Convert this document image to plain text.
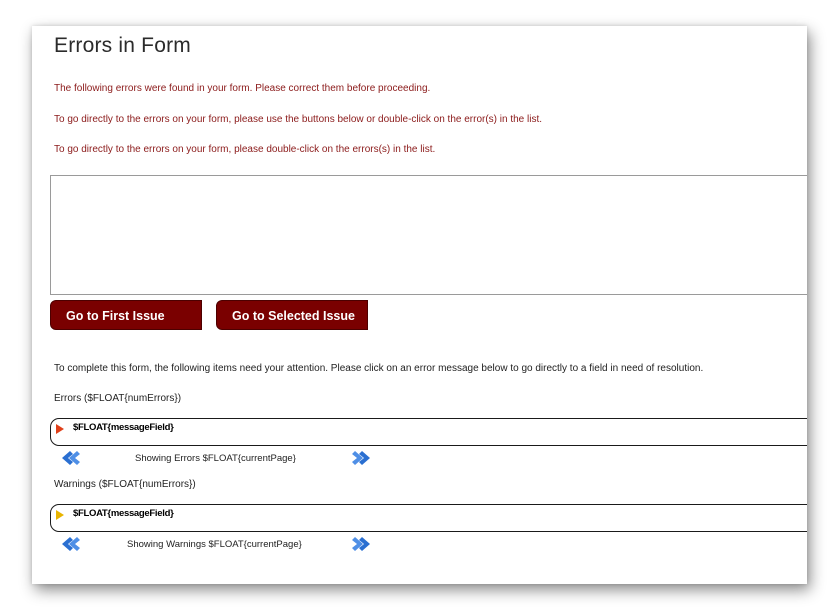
Errors in Form
The following errors were found in your form. Please correct them before proceeding.
To go directly to the errors on your form, please use the buttons below or double-click on the error(s) in the list.
To go directly to the errors on your form, please double-click on the errors(s) in the list.
Go to First Issue	Go to Selected Issue
To complete this form, the following items need your attention. Please click on an error message below to go directly to a field in need of resolution.
Errors ($FLOAT{numErrors})
$FLOAT{messageField}
Showing Errors $FLOAT{currentPage}
Warnings ($FLOAT{numErrors})
$FLOAT{messageField}
Showing Warnings $FLOAT{currentPage}
